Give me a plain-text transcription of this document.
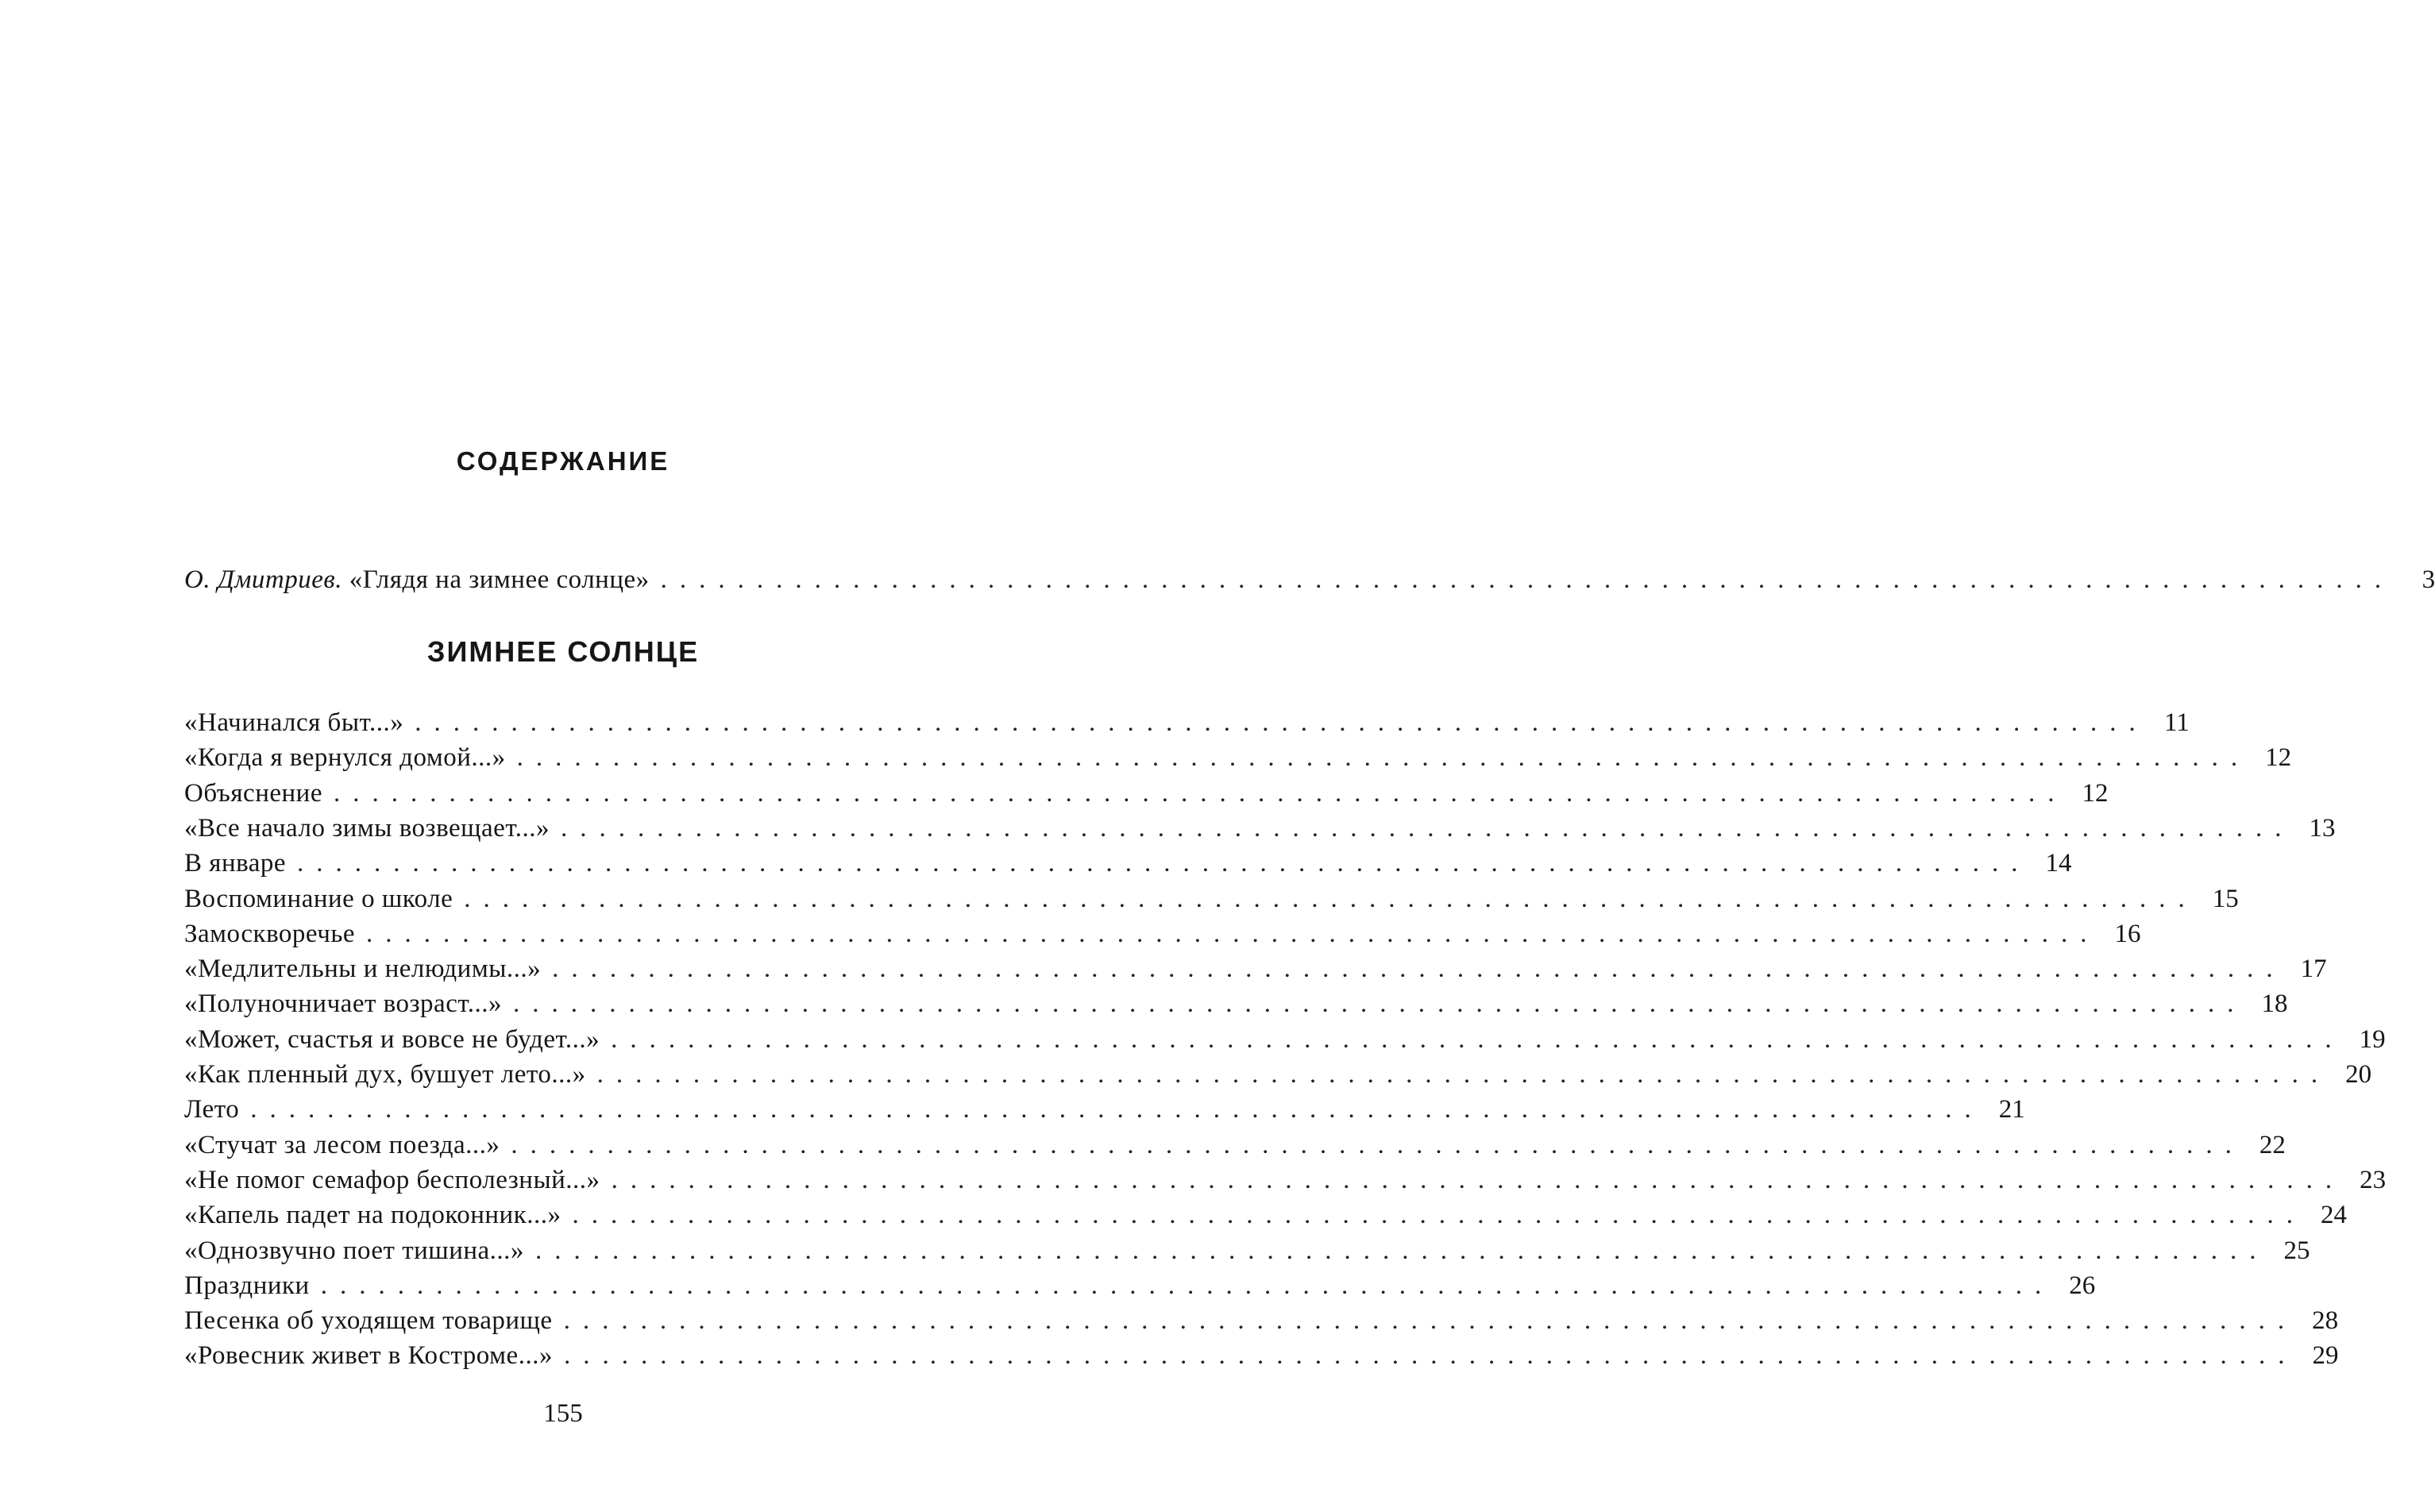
СОДЕРЖАНИЕ
О. Дмитриев. «Глядя на зимнее солнце» ..........................................................................................	3
ЗИМНЕЕ СОЛНЦЕ
«Начинался быт...» .......................................................................................... 11
«Когда я вернулся домой...» .......................................................................................... 12
Объяснение .......................................................................................... 12
«Все начало зимы возвещает...» .......................................................................................... 13
В январе .......................................................................................... 14
Воспоминание о школе .......................................................................................... 15
Замоскворечье .......................................................................................... 16
«Медлительны и нелюдимы...» .......................................................................................... 17
«Полуночничает возраст...» .......................................................................................... 18
«Может, счастья и вовсе не будет...» .......................................................................................... 19
«Как пленный дух, бушует лето...» .......................................................................................... 20
Лето .......................................................................................... 21
«Стучат за лесом поезда...» .......................................................................................... 22
«Не помог семафор бесполезный...» .......................................................................................... 23
«Капель падет на подоконник...» .......................................................................................... 24
«Однозвучно поет тишина...» .......................................................................................... 25
Праздники .......................................................................................... 26
Песенка об уходящем товарище .......................................................................................... 28
«Ровесник живет в Костроме...» .......................................................................................... 29
155
